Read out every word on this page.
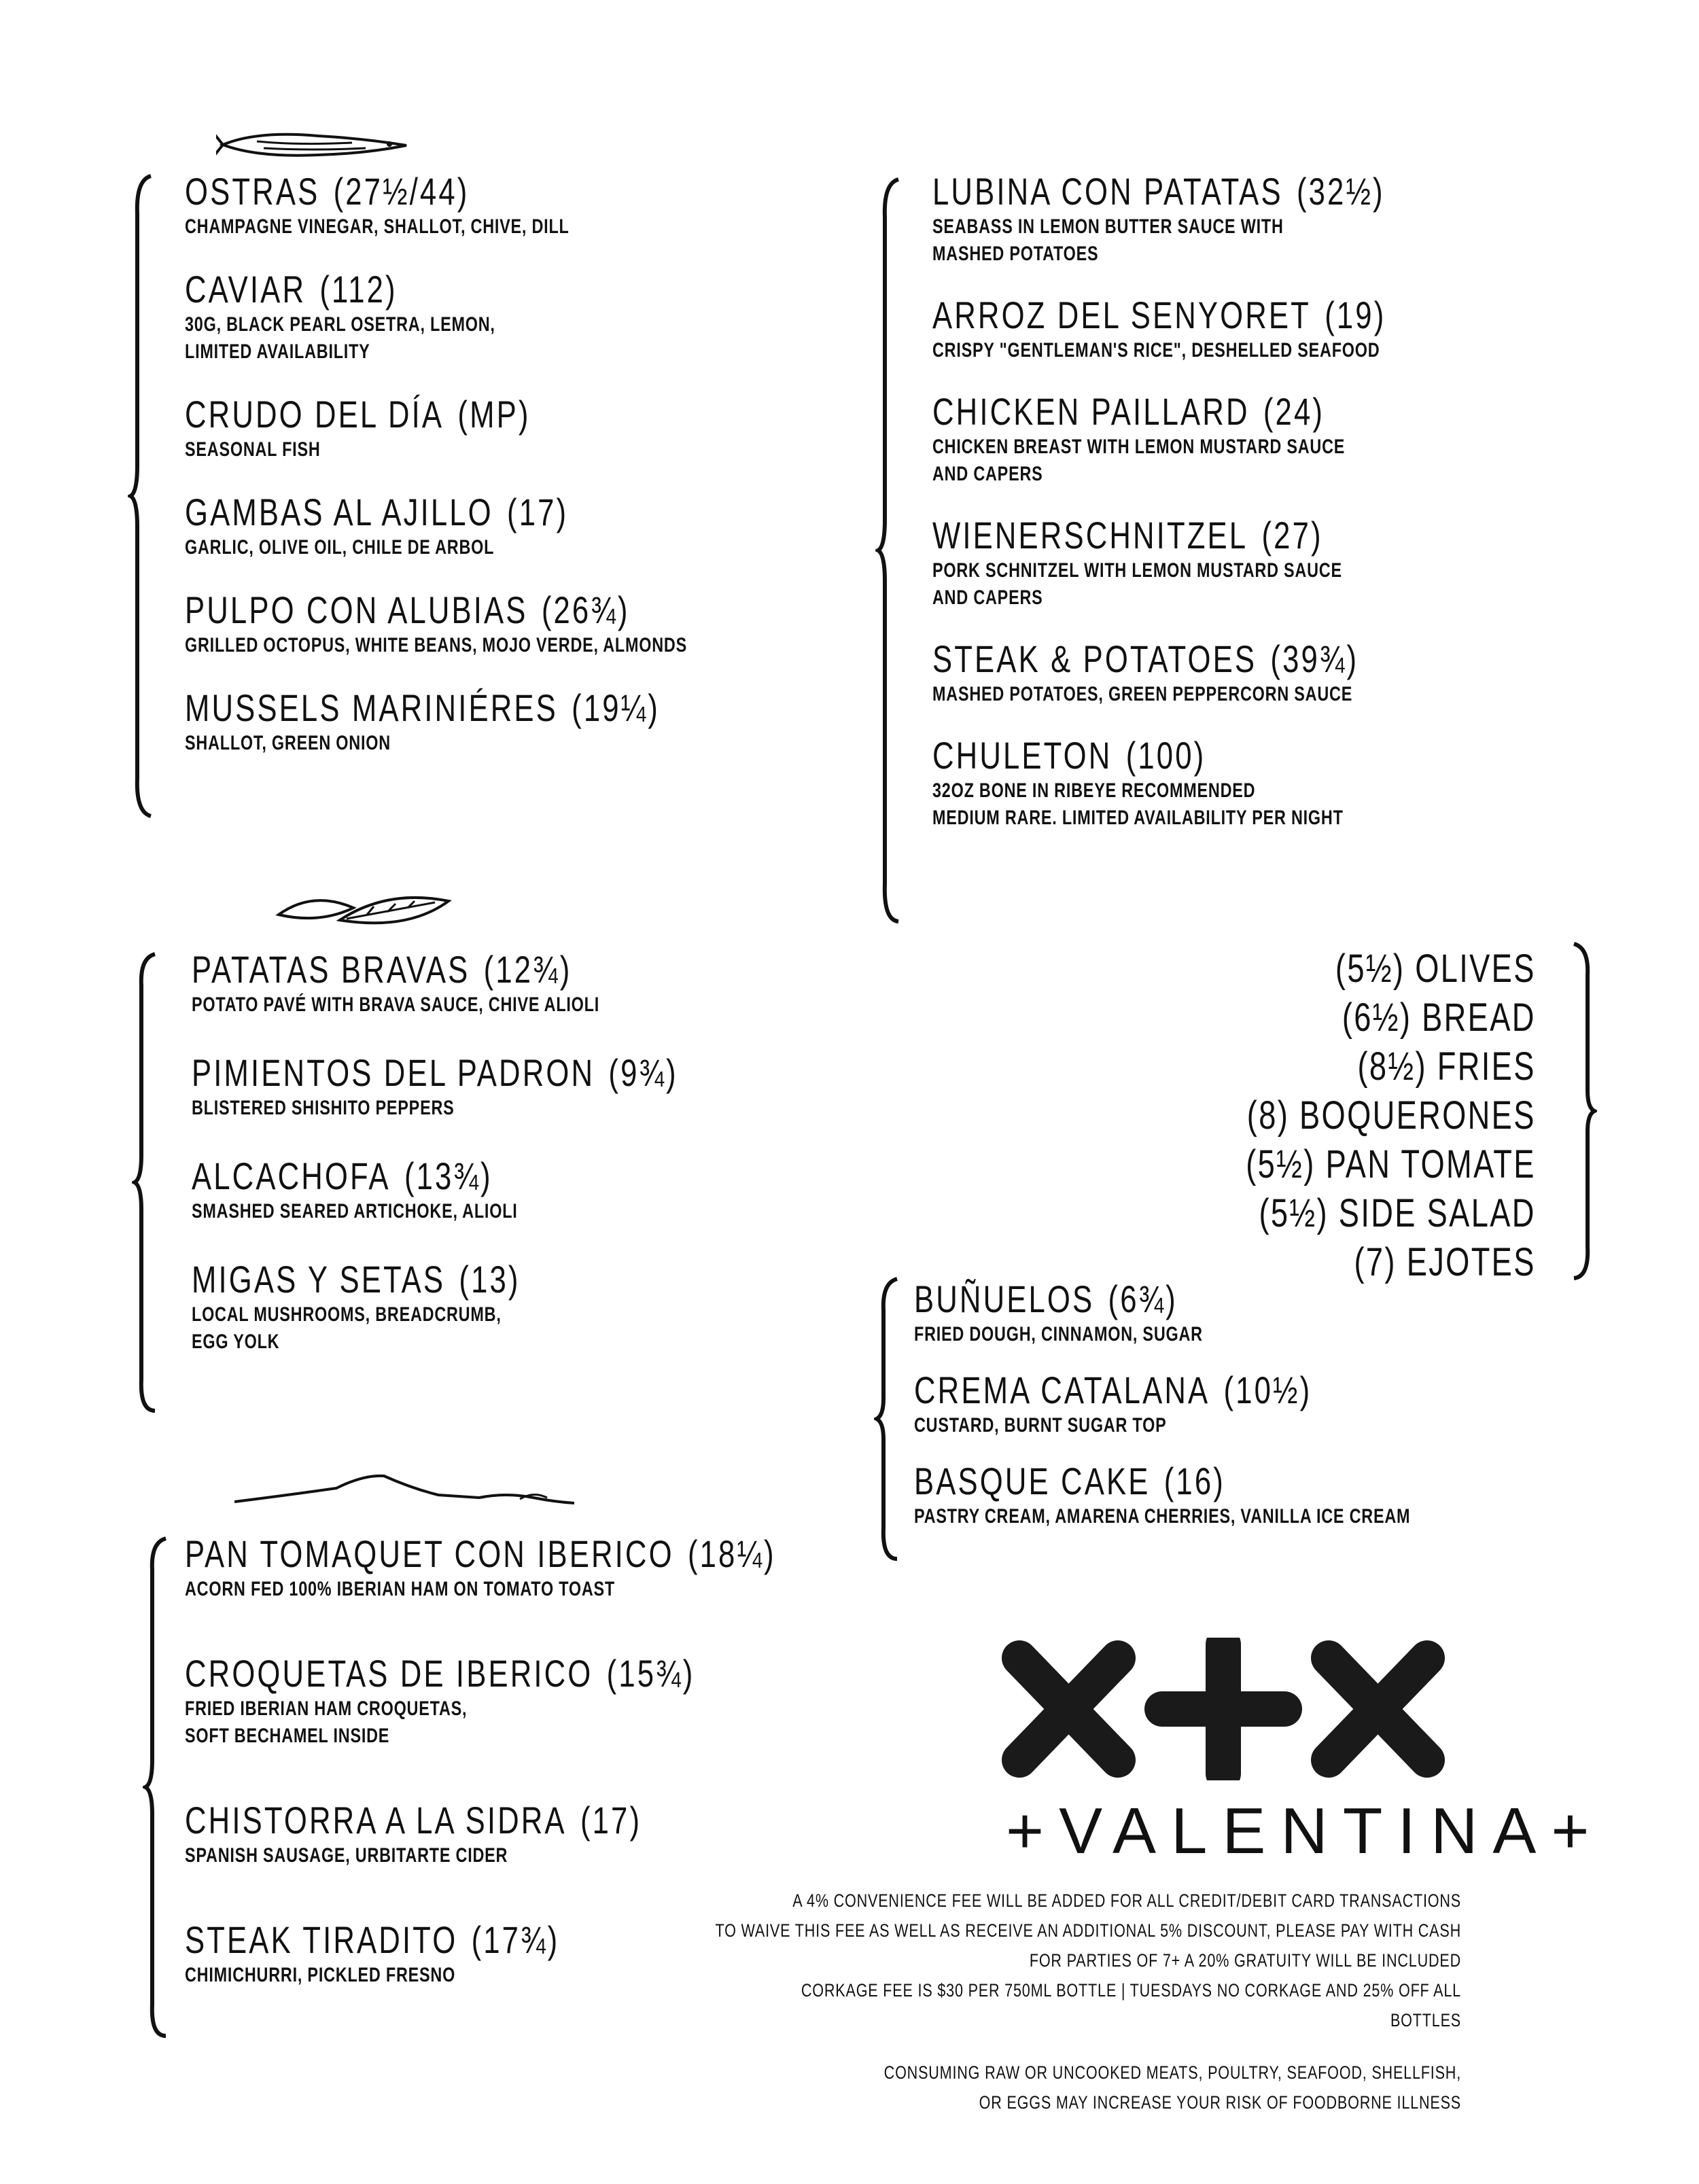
OSTRAS (27½/44)
CHAMPAGNE VINEGAR, SHALLOT, CHIVE, DILL
CAVIAR (112)
30G, BLACK PEARL OSETRA, LEMON,
LIMITED AVAILABILITY
CRUDO DEL DÍA (MP)
SEASONAL FISH
GAMBAS AL AJILLO (17)
GARLIC, OLIVE OIL, CHILE DE ARBOL
PULPO CON ALUBIAS (26¾)
GRILLED OCTOPUS, WHITE BEANS, MOJO VERDE, ALMONDS
MUSSELS MARINIÉRES (19¼)
SHALLOT, GREEN ONION
PATATAS BRAVAS (12¾)
POTATO PAVÉ WITH BRAVA SAUCE, CHIVE ALIOLI
PIMIENTOS DEL PADRON (9¾)
BLISTERED SHISHITO PEPPERS
ALCACHOFA (13¾)
SMASHED SEARED ARTICHOKE, ALIOLI
MIGAS Y SETAS (13)
LOCAL MUSHROOMS, BREADCRUMB,
EGG YOLK
PAN TOMAQUET CON IBERICO (18¼)
ACORN FED 100% IBERIAN HAM ON TOMATO TOAST
CROQUETAS DE IBERICO (15¾)
FRIED IBERIAN HAM CROQUETAS,
SOFT BECHAMEL INSIDE
CHISTORRA A LA SIDRA (17)
SPANISH SAUSAGE, URBITARTE CIDER
STEAK TIRADITO (17¾)
CHIMICHURRI, PICKLED FRESNO
LUBINA CON PATATAS (32½)
SEABASS IN LEMON BUTTER SAUCE WITH
MASHED POTATOES
ARROZ DEL SENYORET (19)
CRISPY "GENTLEMAN'S RICE", DESHELLED SEAFOOD
CHICKEN PAILLARD (24)
CHICKEN BREAST WITH LEMON MUSTARD SAUCE
AND CAPERS
WIENERSCHNITZEL (27)
PORK SCHNITZEL WITH LEMON MUSTARD SAUCE
AND CAPERS
STEAK & POTATOES (39¾)
MASHED POTATOES, GREEN PEPPERCORN SAUCE
CHULETON (100)
32OZ BONE IN RIBEYE RECOMMENDED
MEDIUM RARE. LIMITED AVAILABILITY PER NIGHT
(5½) OLIVES
(6½) BREAD
(8½) FRIES
(8) BOQUERONES
(5½) PAN TOMATE
(5½) SIDE SALAD
(7) EJOTES
BUÑUELOS (6¾)
FRIED DOUGH, CINNAMON, SUGAR
CREMA CATALANA (10½)
CUSTARD, BURNT SUGAR TOP
BASQUE CAKE (16)
PASTRY CREAM, AMARENA CHERRIES, VANILLA ICE CREAM
+VALENTINA+
A 4% CONVENIENCE FEE WILL BE ADDED FOR ALL CREDIT/DEBIT CARD TRANSACTIONS
TO WAIVE THIS FEE AS WELL AS RECEIVE AN ADDITIONAL 5% DISCOUNT, PLEASE PAY WITH CASH
FOR PARTIES OF 7+ A 20% GRATUITY WILL BE INCLUDED
CORKAGE FEE IS $30 PER 750ML BOTTLE | TUESDAYS NO CORKAGE AND 25% OFF ALL
BOTTLES
CONSUMING RAW OR UNCOOKED MEATS, POULTRY, SEAFOOD, SHELLFISH,
OR EGGS MAY INCREASE YOUR RISK OF FOODBORNE ILLNESS
